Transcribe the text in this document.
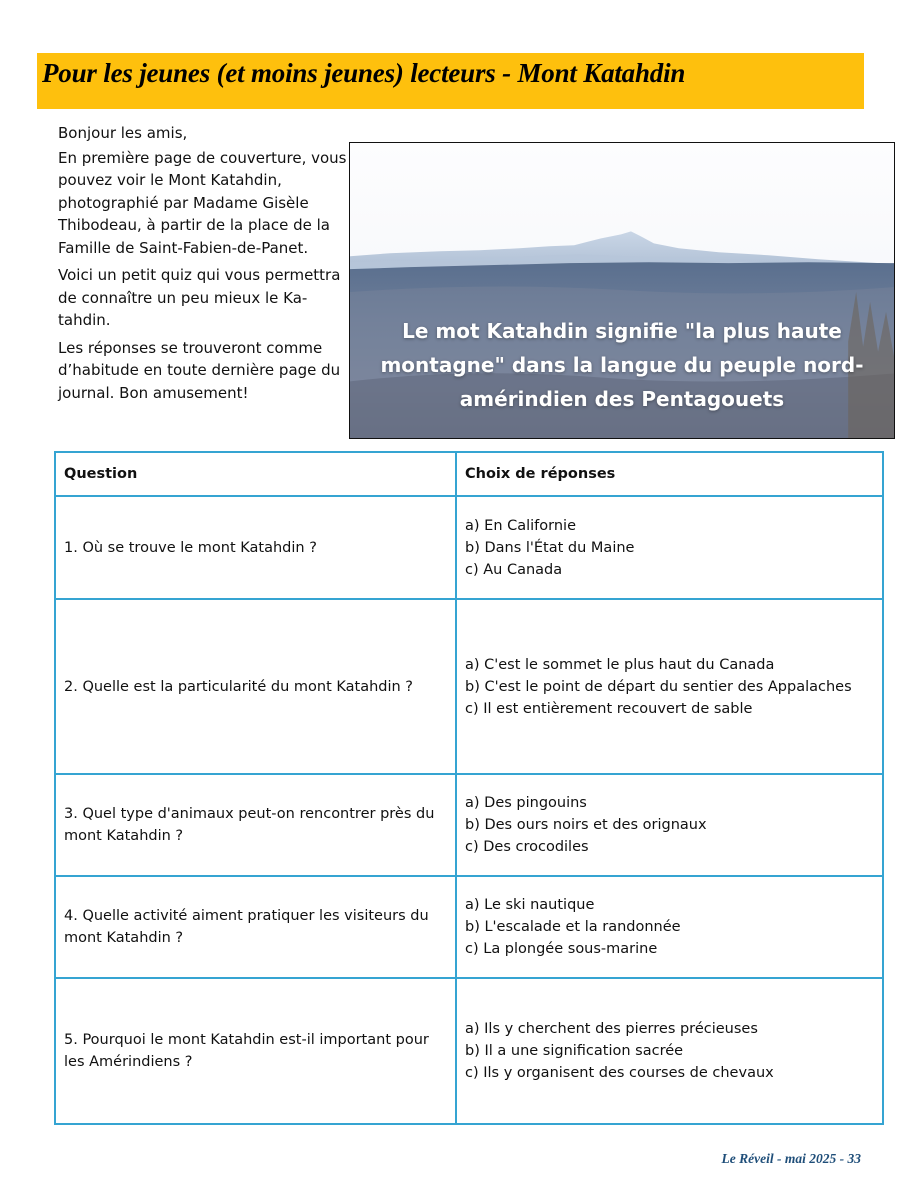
Pour les jeunes (et moins jeunes) lecteurs - Mont Katahdin

Bonjour les amis,

En première page de couverture, vous pouvez voir le Mont Katahdin, photographié par Madame Gisèle Thibodeau, à partir de la place de la Famille de Saint-Fabien-de-Panet.

Voici un petit quiz qui vous permettra de connaître un peu mieux le Ka-tahdin.

Les réponses se trouveront comme d’habitude en toute dernière page du journal. Bon amusement!

Le mot Katahdin signifie "la plus haute montagne" dans la langue du peuple nord-amérindien des Pentagouets

Question	Choix de réponses
1. Où se trouve le mont Katahdin ?	a) En Californie
b) Dans l'État du Maine
c) Au Canada

2. Quelle est la particularité du mont Katahdin ?	a) C'est le sommet le plus haut du Canada
b) C'est le point de départ du sentier des Appalaches
c) Il est entièrement recouvert de sable

3. Quel type d'animaux peut-on rencontrer près du mont Katahdin ?	a) Des pingouins
b) Des ours noirs et des orignaux
c) Des crocodiles

4. Quelle activité aiment pratiquer les visiteurs du mont Katahdin ?	a) Le ski nautique
b) L'escalade et la randonnée
c) La plongée sous-marine

5. Pourquoi le mont Katahdin est-il important pour les Amérindiens ?	a) Ils y cherchent des pierres précieuses
b) Il a une signification sacrée
c) Ils y organisent des courses de chevaux

Le Réveil - mai 2025 - 33
